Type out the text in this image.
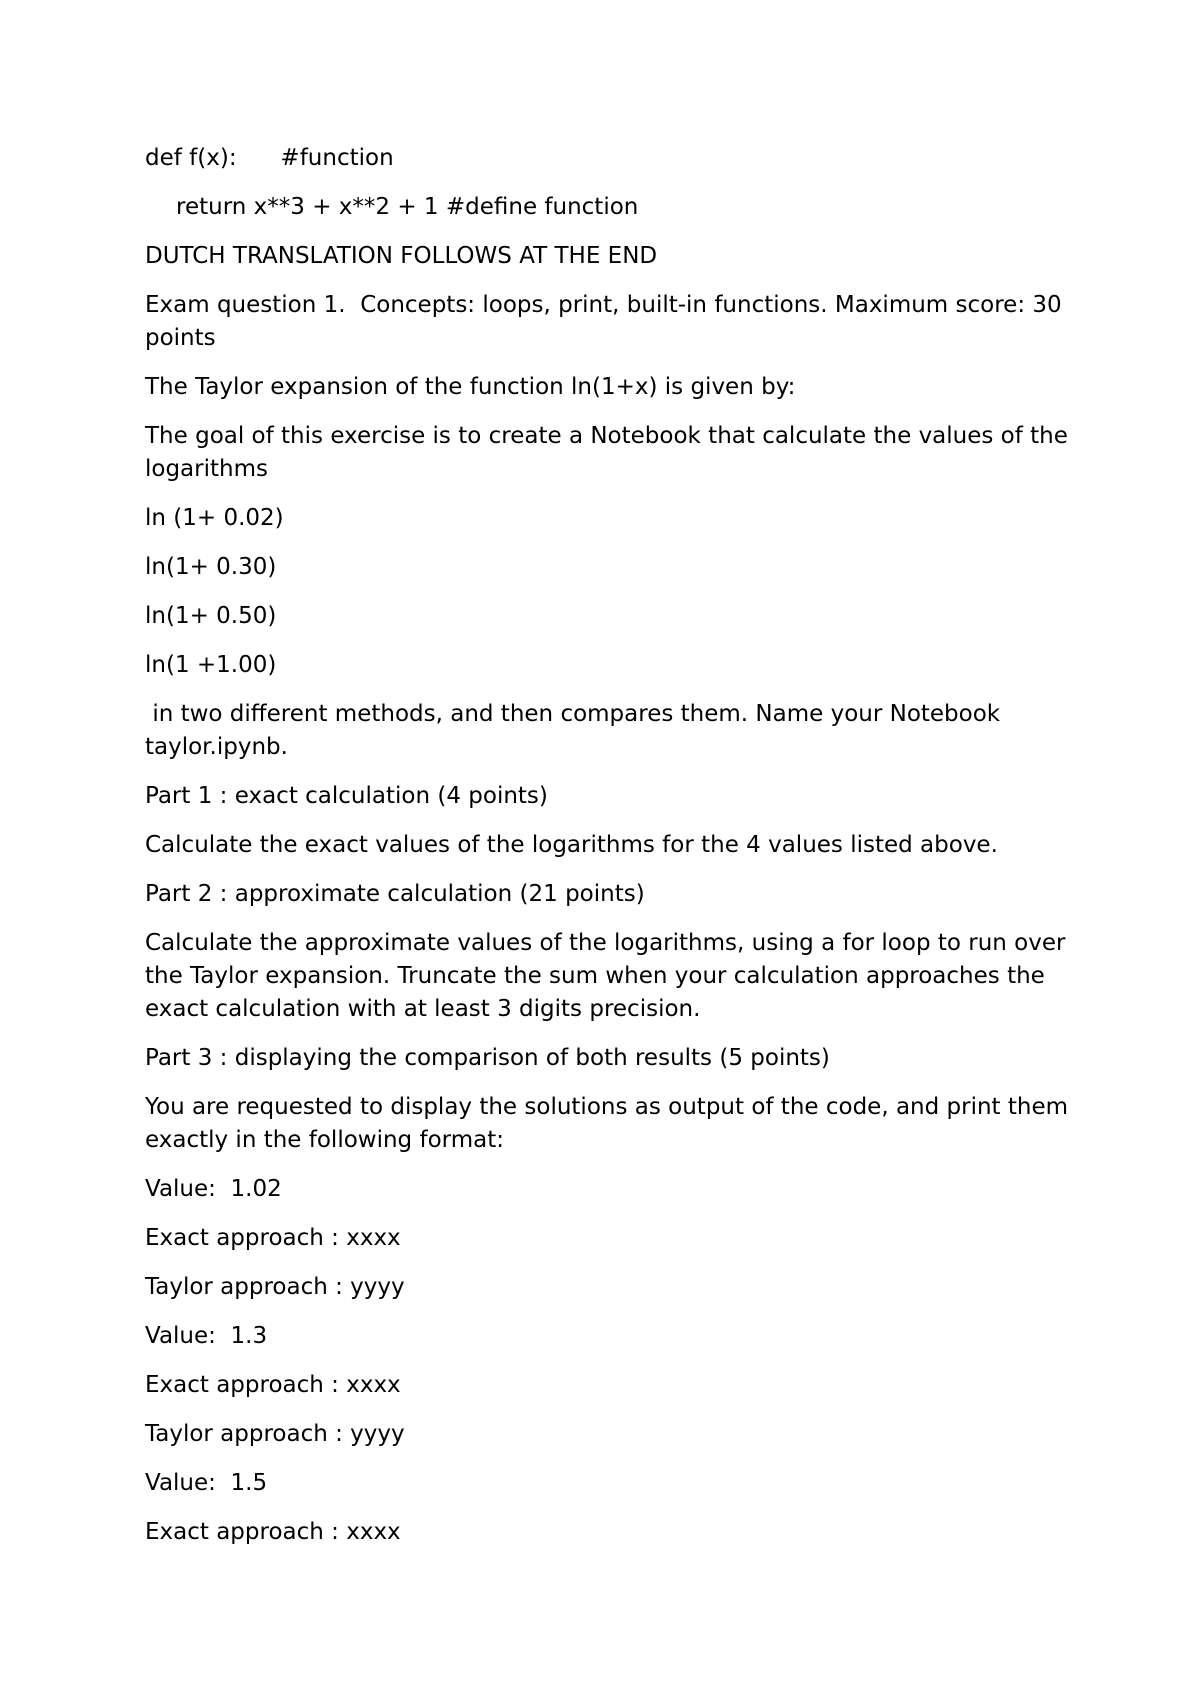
def f(x):      #function

return x**3 + x**2 + 1 #define function

DUTCH TRANSLATION FOLLOWS AT THE END

Exam question 1.  Concepts: loops, print, built-in functions. Maximum score: 30 points

The Taylor expansion of the function ln(1+x) is given by:

The goal of this exercise is to create a Notebook that calculate the values of the logarithms

ln (1+ 0.02)

ln(1+ 0.30)

ln(1+ 0.50)

ln(1 +1.00)

in two different methods, and then compares them. Name your Notebook taylor.ipynb.

Part 1 : exact calculation (4 points)

Calculate the exact values of the logarithms for the 4 values listed above.

Part 2 : approximate calculation (21 points)

Calculate the approximate values of the logarithms, using a for loop to run over the Taylor expansion. Truncate the sum when your calculation approaches the exact calculation with at least 3 digits precision.

Part 3 : displaying the comparison of both results (5 points)

You are requested to display the solutions as output of the code, and print them exactly in the following format:

Value:  1.02

Exact approach : xxxx

Taylor approach : yyyy

Value:  1.3

Exact approach : xxxx

Taylor approach : yyyy

Value:  1.5

Exact approach : xxxx
